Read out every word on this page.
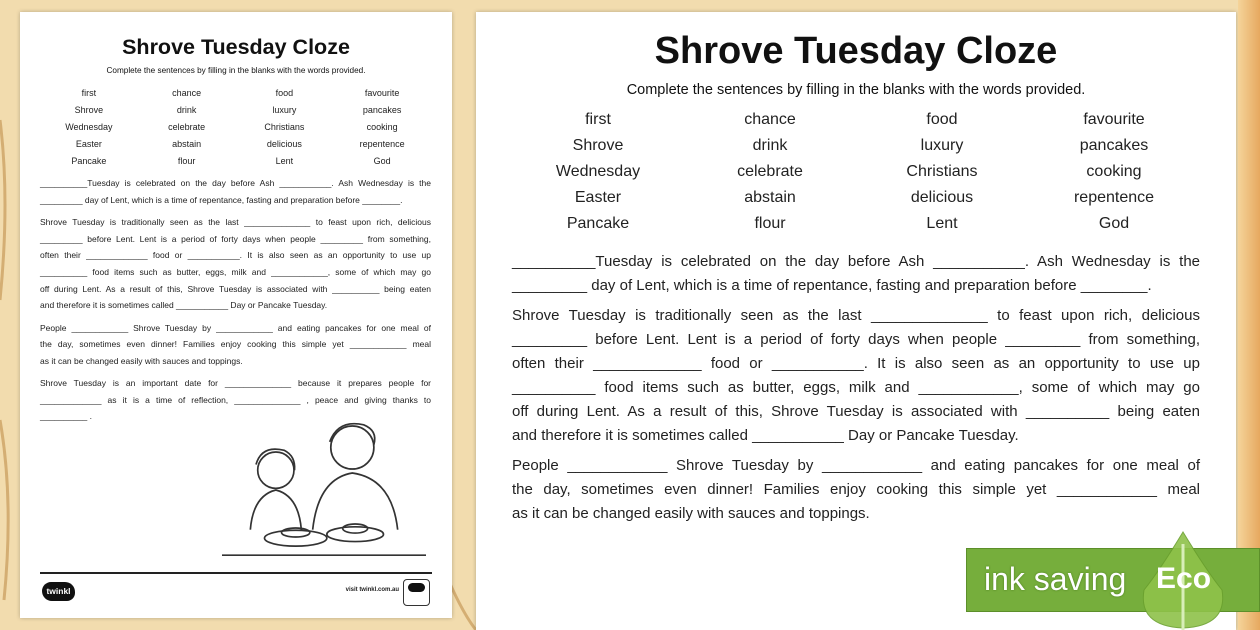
Shrove Tuesday Cloze
Complete the sentences by filling in the blanks with the words provided.
first	chance	food	favourite
Shrove	drink	luxury	pancakes
Wednesday	celebrate	Christians	cooking
Easter	abstain	delicious	repentence
Pancake	flour	Lent	God
__________Tuesday is celebrated on the day before Ash ___________. Ash Wednesday is the
_________ day of Lent, which is a time of repentance, fasting and preparation before ________.
Shrove Tuesday is traditionally seen as the last ______________ to feast upon rich, delicious
_________ before Lent. Lent is a period of forty days when people _________ from something,
often their _____________ food or ___________. It is also seen as an opportunity to use up
__________ food items such as butter, eggs, milk and ____________, some of which may go
off during Lent. As a result of this, Shrove Tuesday is associated with __________ being eaten
and therefore it is sometimes called ___________ Day or Pancake Tuesday.
People ____________ Shrove Tuesday by ____________ and eating pancakes for one meal of
the day, sometimes even dinner! Families enjoy cooking this simple yet ____________ meal
as it can be changed easily with sauces and toppings.
Shrove Tuesday is an important date for ______________ because it prepares people for
_____________ as it is a time of reflection, ______________ , peace and giving thanks to
__________ .
twinkl	visit twinkl.com.au
Shrove Tuesday Cloze
Complete the sentences by filling in the blanks with the words provided.
first	chance	food	favourite
Shrove	drink	luxury	pancakes
Wednesday	celebrate	Christians	cooking
Easter	abstain	delicious	repentence
Pancake	flour	Lent	God
__________Tuesday is celebrated on the day before Ash ___________. Ash Wednesday is the
_________ day of Lent, which is a time of repentance, fasting and preparation before ________.
Shrove Tuesday is traditionally seen as the last ______________ to feast upon rich, delicious
_________ before Lent. Lent is a period of forty days when people _________ from something,
often their _____________ food or ___________. It is also seen as an opportunity to use up
__________ food items such as butter, eggs, milk and ____________, some of which may go
off during Lent. As a result of this, Shrove Tuesday is associated with __________ being eaten
and therefore it is sometimes called ___________ Day or Pancake Tuesday.
People ____________ Shrove Tuesday by ____________ and eating pancakes for one meal of
the day, sometimes even dinner! Families enjoy cooking this simple yet ____________ meal
as it can be changed easily with sauces and toppings.
ink saving Eco
